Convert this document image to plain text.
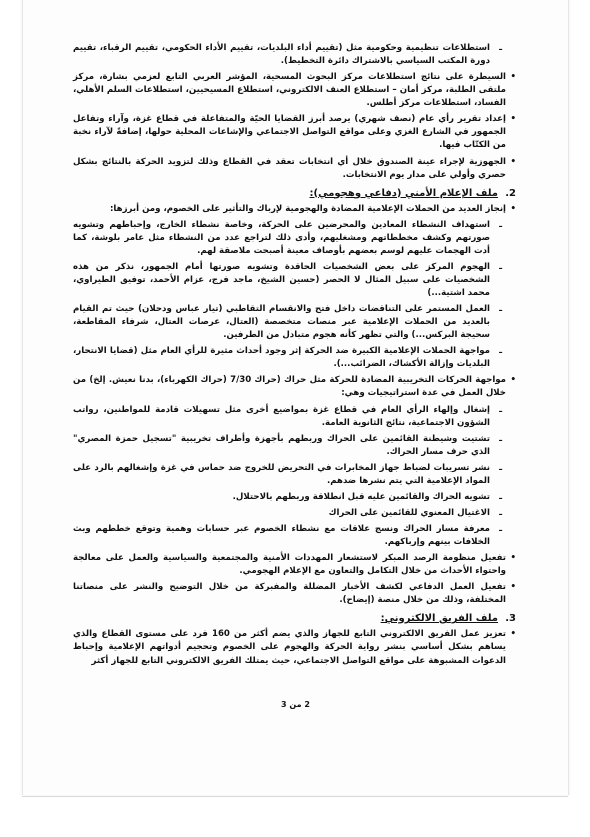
ـ
استطلاعات تنظيمية وحكومية مثل (تقييم أداء البلديات، تقييم الأداء الحكومي، تقييم الرقباء، تقييم دورة المكتب السياسي بالاشتراك دائرة التخطيط).
•
السيطرة على نتائج استطلاعات مركز البحوث المسحية، المؤشر العربي التابع لعزمي بشارة، مركز ملتقى الطلبة، مركز أمان – استطلاع العنف الالكتروني، استطلاع المسيحيين، استطلاعات السلم الأهلي، الفساد، استطلاعات مركز أطلس.
•
إعداد تقرير رأي عام (نصف شهري) يرصد أبرز القضايا الحيّة والمتفاعلة في قطاع غزة، وآراء وتفاعل الجمهور في الشارع الغزي وعلى مواقع التواصل الاجتماعي والإشاعات المحلية حولها، إضافةً لآراء نخبة من الكتّاب فيها.
•
الجهوزية لإجراء عينة الصندوق خلال أي انتخابات تعقد في القطاع وذلك لتزويد الحركة بالنتائج بشكل حصري وأولي على مدار يوم الانتخابات.
2.
ملف الإعلام الأمني (دفاعي وهجومي):
•
إنجاز العديد من الحملات الإعلامية المضادة والهجومية لإرباك والتأثير على الخصوم، ومن أبرزها:
ـ
استهداف النشطاء المعادين والمحرضين على الحركة، وخاصة نشطاء الخارج، وإحباطهم وتشويه صورتهم وكشف مخططاتهم ومشغليهم، وأدى ذلك لتراجع عدد من النشطاء مثل عامر بلوشة، كما أدت الهجمات عليهم لوسم بعضهم بأوصاف معينة أصبحت ملاصقة لهم.
ـ
الهجوم المركز على بعض الشخصيات الحاقدة وتشويه صورتها أمام الجمهور، نذكر من هذه الشخصيات على سبيل المثال لا الحصر (حسين الشيخ، ماجد فرج، عزام الأحمد، توفيق الطيراوي، محمد اشتية...)
ـ
العمل المستمر على التناقضات داخل فتح والانقسام التقاطبي (تيار عباس ودحلان) حيث تم القيام بالعديد من الحملات الإعلامية عبر منصات متخصصة (العتال، عرصات العتال، شرفاء المقاطعة، سحيجة البركس...) والتي تظهر كأنه هجوم متبادل من الطرفين.
ـ
مواجهة الحملات الإعلامية الكبيرة ضد الحركة إثر وجود أحداث مثيرة للرأي العام مثل (قضايا الانتحار، البلديات وإزالة الأكشاك، الضرائب...).
•
مواجهة الحركات التخريبية المضادة للحركة مثل حراك (حراك 7/30 (حراك الكهرباء)، بدنا نعيش. إلخ) من خلال العمل في عدة استراتيجيات وهي:
ـ
إشغال وإلهاء الرأي العام في قطاع غزة بمواضيع أخرى مثل تسهيلات قادمة للمواطنين، رواتب الشؤون الاجتماعية، نتائج الثانوية العامة.
ـ
تشتيت وشيطنة القائمين على الحراك وربطهم بأجهزة وأطراف تخريبية "تسجيل حمزة المصري" الذي حرف مسار الحراك.
ـ
نشر تسريبات لضباط جهاز المخابرات في التحريض للخروج ضد حماس في غزة وإشغالهم بالرد على المواد الإعلامية التي يتم نشرها ضدهم.
ـ
تشويه الحراك والقائمين عليه قبل انطلاقة وربطهم بالاحتلال.
ـ
الاغتيال المعنوي للقائمين على الحراك
ـ
معرفة مسار الحراك ونسج علاقات مع نشطاء الخصوم عبر حسابات وهمية وتوقع خططهم وبث الخلافات بينهم وإرباكهم.
•
تفعيل منظومة الرصد المبكر لاستشعار المهددات الأمنية والمجتمعية والسياسية والعمل على معالجة واحتواء الأحداث من خلال التكامل والتعاون مع الإعلام الهجومي.
•
تفعيل العمل الدفاعي لكشف الأخبار المضللة والمفبركة من خلال التوضيح والنشر على منصاتنا المختلفة، وذلك من خلال منصة (إيضاح).
3.
ملف الفريق الالكتروني:
•
تعزيز عمل الفريق الالكتروني التابع للجهاز والذي يضم أكثر من 160 فرد على مستوى القطاع والذي يساهم بشكل أساسي بنشر رواية الحركة والهجوم على الخصوم وتحجيم أدواتهم الإعلامية وإحباط الدعوات المشبوهة على مواقع التواصل الاجتماعي، حيث يمتلك الفريق الالكتروني التابع للجهاز أكثر
2 من 3
